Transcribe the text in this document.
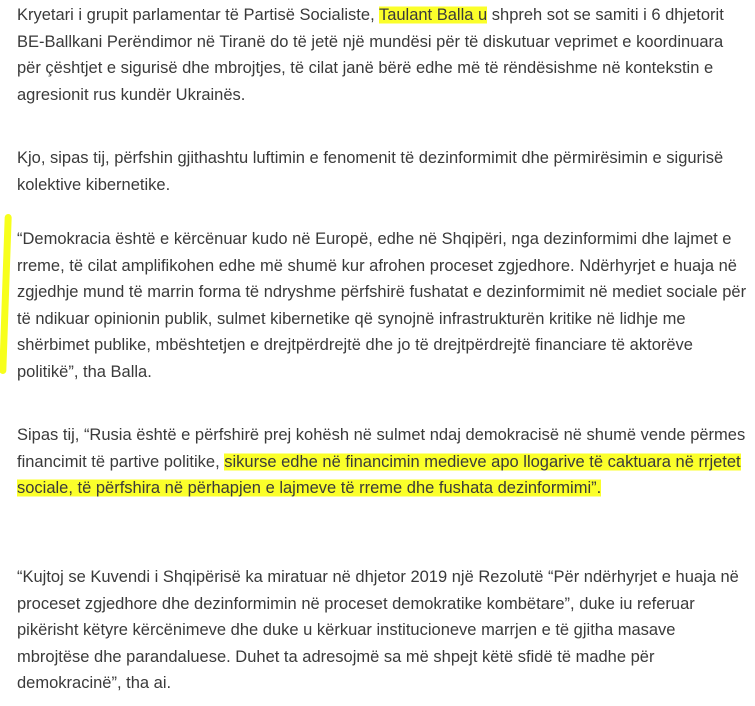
Kryetari i grupit parlamentar të Partisë Socialiste, Taulant Balla u shpreh sot se samiti i 6 dhjetorit BE-Ballkani Perëndimor në Tiranë do të jetë një mundësi për të diskutuar veprimet e koordinuara për çështjet e sigurisë dhe mbrojtjes, të cilat janë bërë edhe më të rëndësishme në kontekstin e agresionit rus kundër Ukrainës.

Kjo, sipas tij, përfshin gjithashtu luftimin e fenomenit të dezinformimit dhe përmirësimin e sigurisë kolektive kibernetike.

“Demokracia është e kërcënuar kudo në Europë, edhe në Shqipëri, nga dezinformimi dhe lajmet e rreme, të cilat amplifikohen edhe më shumë kur afrohen proceset zgjedhore. Ndërhyrjet e huaja në zgjedhje mund të marrin forma të ndryshme përfshirë fushatat e dezinformimit në mediet sociale për të ndikuar opinionin publik, sulmet kibernetike që synojnë infrastrukturën kritike në lidhje me shërbimet publike, mbështetjen e drejtpërdrejtë dhe jo të drejtpërdrejtë financiare të aktorëve politikë”, tha Balla.

Sipas tij, “Rusia është e përfshirë prej kohësh në sulmet ndaj demokracisë në shumë vende përmes financimit të partive politike, sikurse edhe në financimin medieve apo llogarive të caktuara në rrjetet sociale, të përfshira në përhapjen e lajmeve të rreme dhe fushata dezinformimi”.

“Kujtoj se Kuvendi i Shqipërisë ka miratuar në dhjetor 2019 një Rezolutë “Për ndërhyrjet e huaja në proceset zgjedhore dhe dezinformimin në proceset demokratike kombëtare”, duke iu referuar pikërisht këtyre kërcënimeve dhe duke u kërkuar institucioneve marrjen e të gjitha masave mbrojtëse dhe parandaluese. Duhet ta adresojmë sa më shpejt këtë sfidë të madhe për demokracinë”, tha ai.
